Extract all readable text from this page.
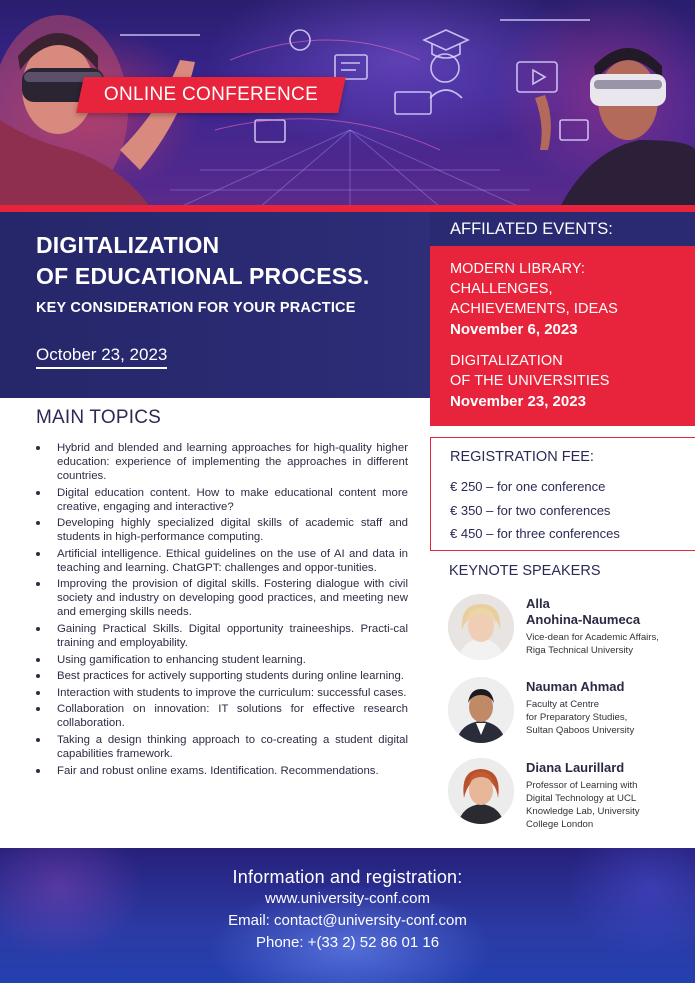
ONLINE CONFERENCE
DIGITALIZATION
OF EDUCATIONAL PROCESS.
KEY CONSIDERATION FOR YOUR PRACTICE
October 23, 2023
AFFILATED EVENTS:
MODERN LIBRARY:
CHALLENGES,
ACHIEVEMENTS, IDEAS
November 6, 2023
DIGITALIZATION
OF THE UNIVERSITIES
November 23, 2023
MAIN TOPICS
Hybrid and blended and learning approaches for high-quality higher education: experience of implementing the approaches in different countries.
Digital education content. How to make educational content more creative, engaging and interactive?
Developing highly specialized digital skills of academic staff and students in high-performance computing.
Artificial intelligence. Ethical guidelines on the use of AI and data in teaching and learning. ChatGPT: challenges and oppor-tunities.
Improving the provision of digital skills. Fostering dialogue with civil society and industry on developing good practices, and meeting new and emerging skills needs.
Gaining Practical Skills. Digital opportunity traineeships. Practi-cal training and employability.
Using gamification to enhancing student learning.
Best practices for actively supporting students during online learning.
Interaction with students to improve the curriculum: successful cases.
Collaboration on innovation: IT solutions for effective research collaboration.
Taking a design thinking approach to co-creating a student digital capabilities framework.
Fair and robust online exams. Identification. Recommendations.
REGISTRATION FEE:
€ 250 – for one conference
€ 350 – for two conferences
€ 450 – for three conferences
KEYNOTE SPEAKERS
Alla
Anohina-Naumeca
Vice-dean for Academic Affairs,
Riga Technical University
Nauman Ahmad
Faculty at Centre
for Preparatory Studies,
Sultan Qaboos University
Diana Laurillard
Professor of Learning with
Digital Technology at UCL
Knowledge Lab, University
College London
Information and registration:
www.university-conf.com
Email: contact@university-conf.com
Phone: +(33 2) 52 86 01 16
